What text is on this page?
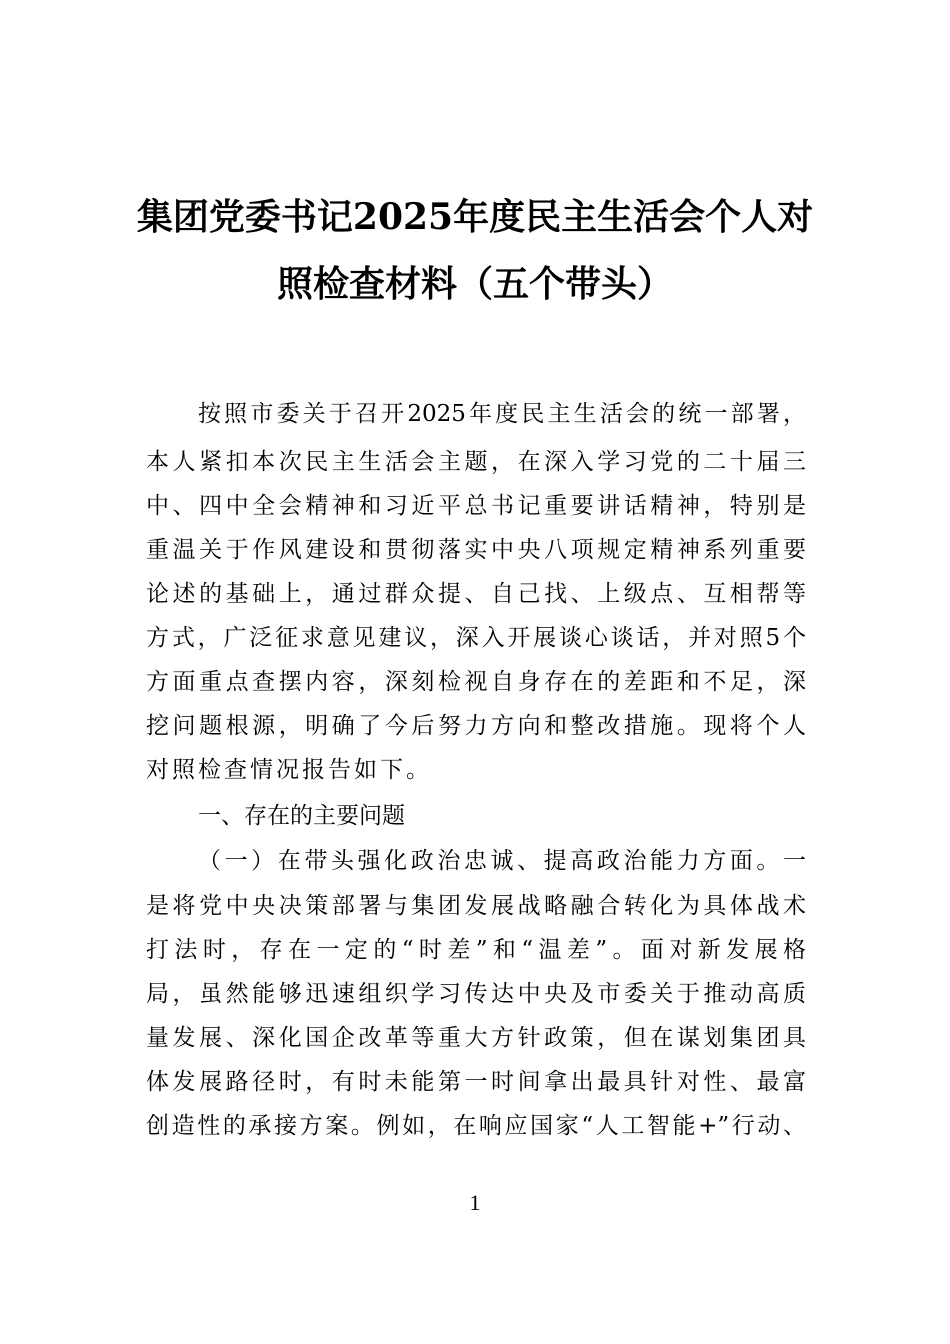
集团党委书记2025年度民主生活会个人对
照检查材料（五个带头）
按照市委关于召开2025年度民主生活会的统一部署，
本人紧扣本次民主生活会主题，在深入学习党的二十届三
中、四中全会精神和习近平总书记重要讲话精神，特别是
重温关于作风建设和贯彻落实中央八项规定精神系列重要
论述的基础上，通过群众提、自己找、上级点、互相帮等
方式，广泛征求意见建议，深入开展谈心谈话，并对照5个
方面重点查摆内容，深刻检视自身存在的差距和不足，深
挖问题根源，明确了今后努力方向和整改措施。现将个人
对照检查情况报告如下。
一、存在的主要问题
（一）在带头强化政治忠诚、提高政治能力方面。一
是将党中央决策部署与集团发展战略融合转化为具体战术
打法时，存在一定的“时差”和“温差”。面对新发展格
局，虽然能够迅速组织学习传达中央及市委关于推动高质
量发展、深化国企改革等重大方针政策，但在谋划集团具
体发展路径时，有时未能第一时间拿出最具针对性、最富
创造性的承接方案。例如，在响应国家“人工智能+”行动、
1
